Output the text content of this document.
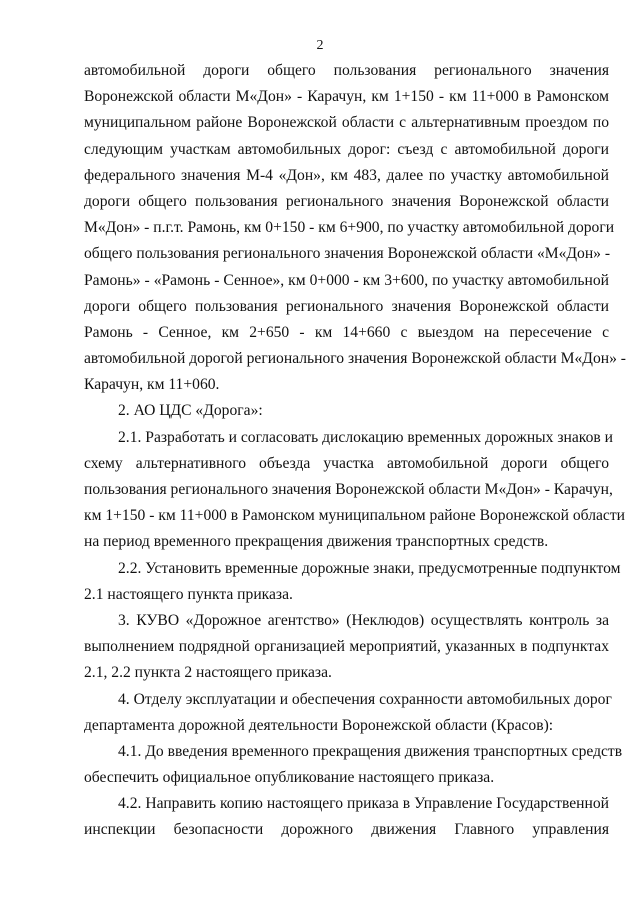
2
автомобильной дороги общего пользования регионального значения
Воронежской области М«Дон» - Карачун, км 1+150 - км 11+000 в Рамонском
муниципальном районе Воронежской области с альтернативным проездом по
следующим участкам автомобильных дорог: съезд с автомобильной дороги
федерального значения М-4 «Дон», км 483, далее по участку автомобильной
дороги общего пользования регионального значения Воронежской области
М«Дон» - п.г.т. Рамонь, км 0+150 - км 6+900, по участку автомобильной дороги
общего пользования регионального значения Воронежской области «М«Дон» -
Рамонь» - «Рамонь - Сенное», км 0+000 - км 3+600, по участку автомобильной
дороги общего пользования регионального значения Воронежской области
Рамонь - Сенное, км 2+650 - км 14+660 с выездом на пересечение с
автомобильной дорогой регионального значения Воронежской области М«Дон» -
Карачун, км 11+060.
2. АО ЦДС «Дорога»:
2.1. Разработать и согласовать дислокацию временных дорожных знаков и
схему альтернативного объезда участка автомобильной дороги общего
пользования регионального значения Воронежской области М«Дон» - Карачун,
км 1+150 - км 11+000 в Рамонском муниципальном районе Воронежской области
на период временного прекращения движения транспортных средств.
2.2. Установить временные дорожные знаки, предусмотренные подпунктом
2.1 настоящего пункта приказа.
3. КУВО «Дорожное агентство» (Неклюдов) осуществлять контроль за
выполнением подрядной организацией мероприятий, указанных в подпунктах
2.1, 2.2 пункта 2 настоящего приказа.
4. Отделу эксплуатации и обеспечения сохранности автомобильных дорог
департамента дорожной деятельности Воронежской области (Красов):
4.1. До введения временного прекращения движения транспортных средств
обеспечить официальное опубликование настоящего приказа.
4.2. Направить копию настоящего приказа в Управление Государственной
инспекции безопасности дорожного движения Главного управления
